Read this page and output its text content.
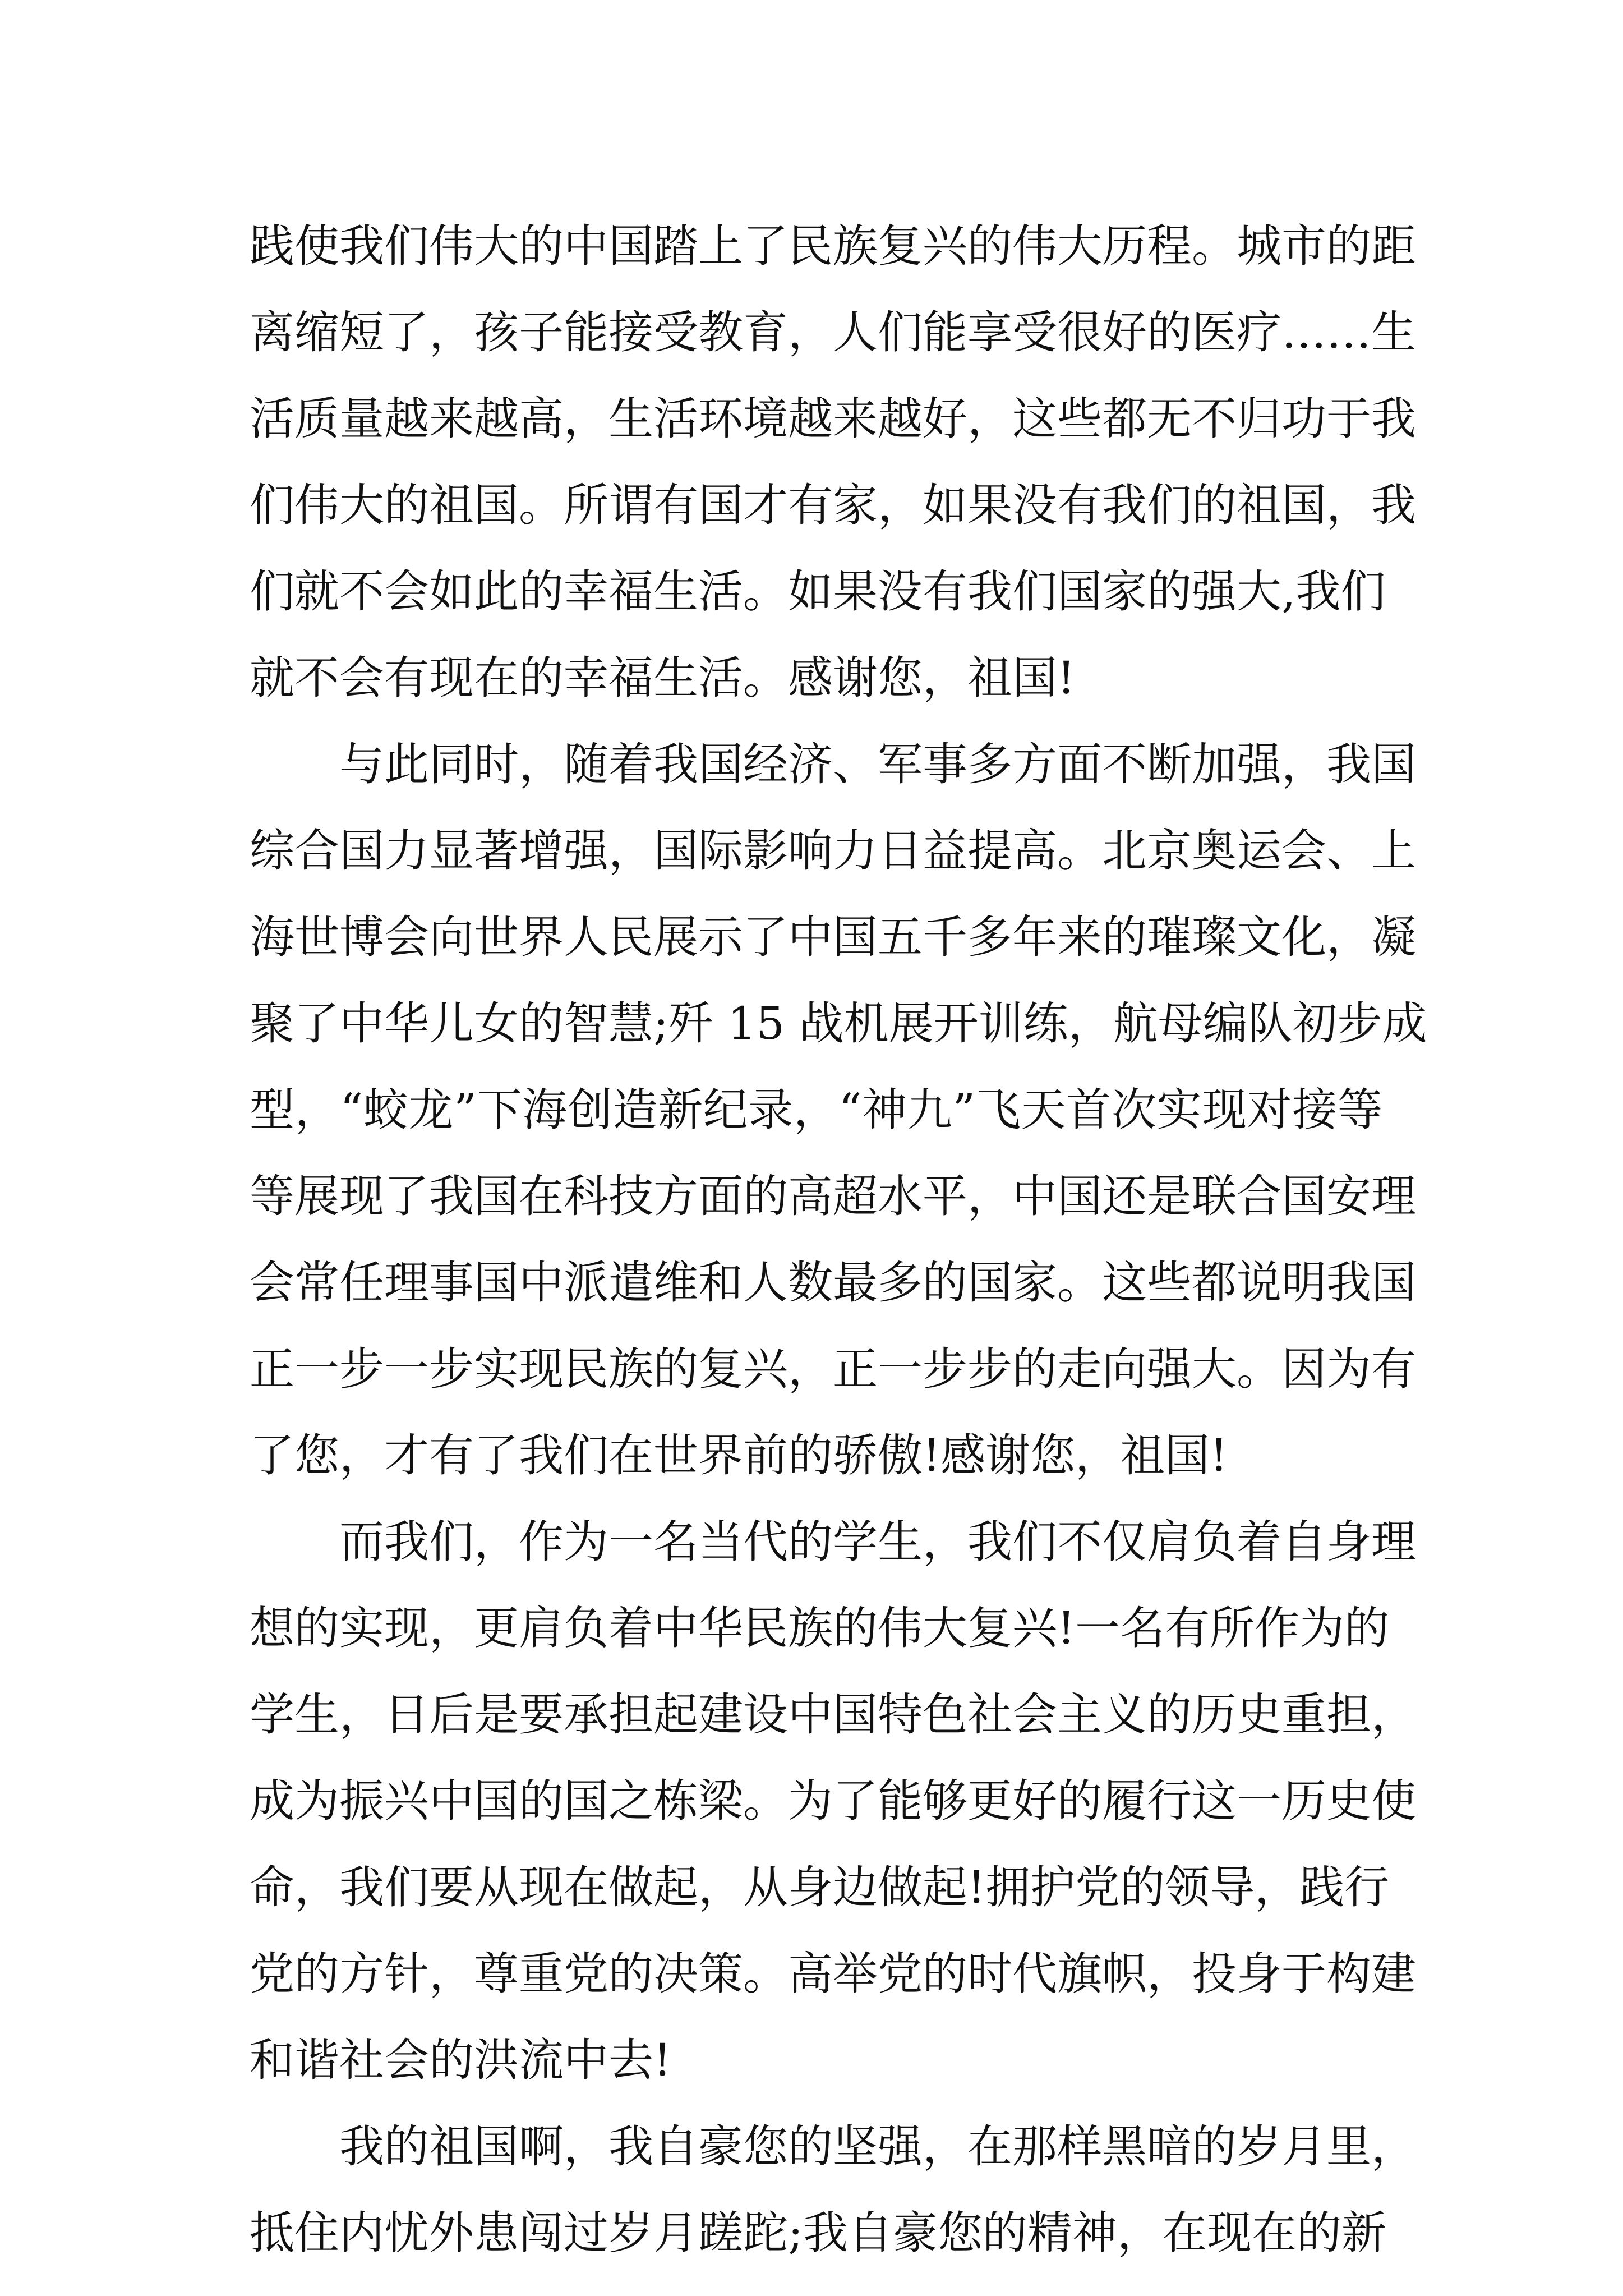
践使我们伟大的中国踏上了民族复兴的伟大历程。城市的距
离缩短了，孩子能接受教育，人们能享受很好的医疗……生
活质量越来越高，生活环境越来越好，这些都无不归功于我
们伟大的祖国。所谓有国才有家，如果没有我们的祖国，我
们就不会如此的幸福生活。如果没有我们国家的强大,我们
就不会有现在的幸福生活。感谢您，祖国!
　　与此同时，随着我国经济、军事多方面不断加强，我国
综合国力显著增强，国际影响力日益提高。北京奥运会、上
海世博会向世界人民展示了中国五千多年来的璀璨文化，凝
聚了中华儿女的智慧;歼 15 战机展开训练，航母编队初步成
型，“蛟龙”下海创造新纪录，“神九”飞天首次实现对接等
等展现了我国在科技方面的高超水平，中国还是联合国安理
会常任理事国中派遣维和人数最多的国家。这些都说明我国
正一步一步实现民族的复兴，正一步步的走向强大。因为有
了您，才有了我们在世界前的骄傲!感谢您，祖国!
　　而我们，作为一名当代的学生，我们不仅肩负着自身理
想的实现，更肩负着中华民族的伟大复兴!一名有所作为的
学生，日后是要承担起建设中国特色社会主义的历史重担，
成为振兴中国的国之栋梁。为了能够更好的履行这一历史使
命，我们要从现在做起，从身边做起!拥护党的领导，践行
党的方针，尊重党的决策。高举党的时代旗帜，投身于构建
和谐社会的洪流中去!
　　我的祖国啊，我自豪您的坚强，在那样黑暗的岁月里，
抵住内忧外患闯过岁月蹉跎;我自豪您的精神，在现在的新
